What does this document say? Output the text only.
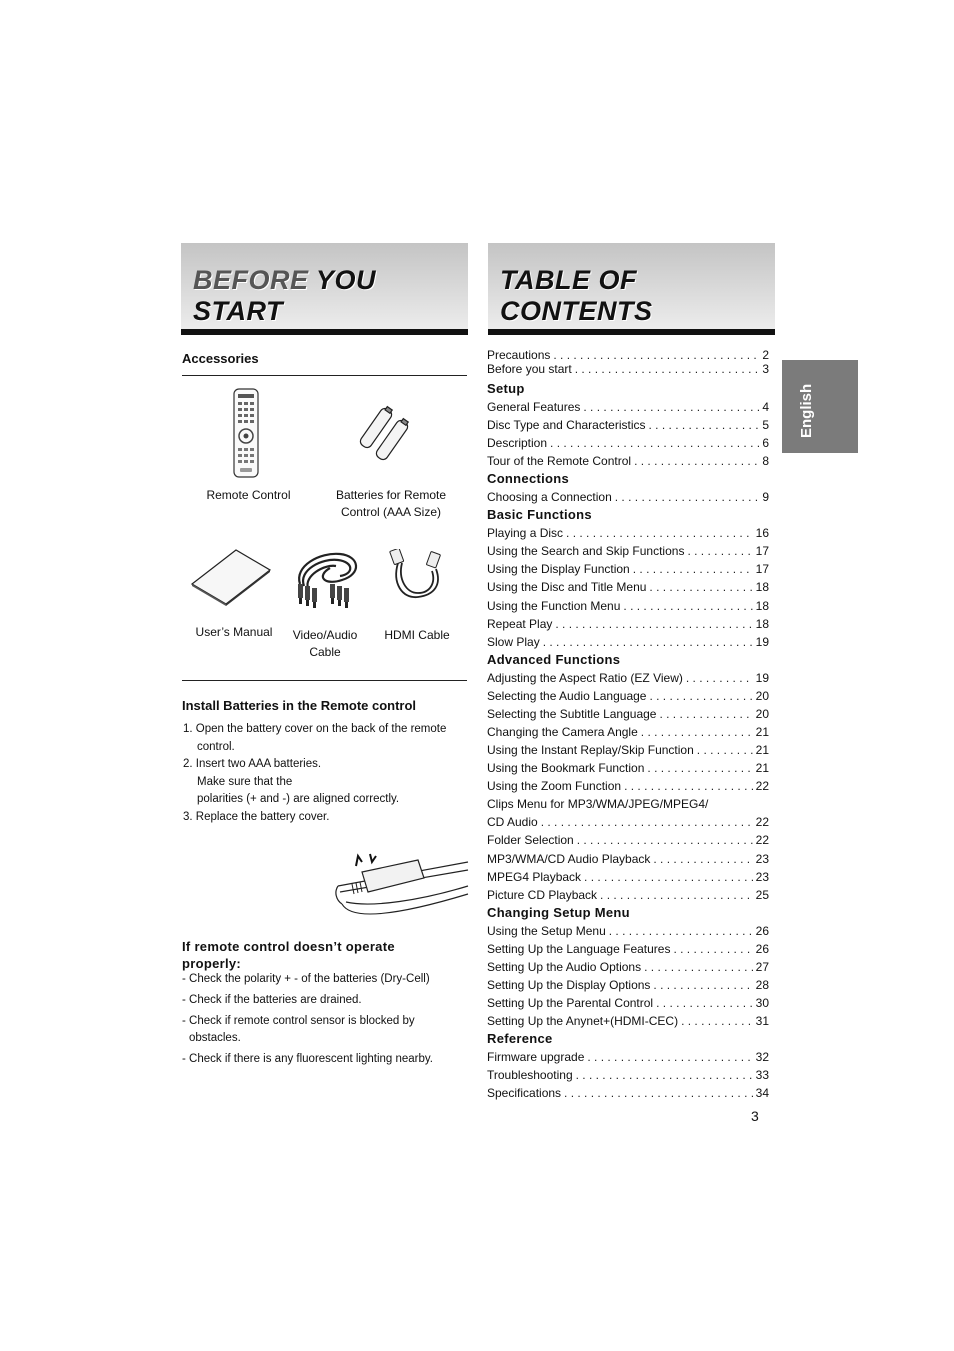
BEFORE YOU
START
TABLE OF
CONTENTS
English
Accessories
Remote Control	Batteries for Remote
Control (AAA Size)
User’s Manual	Video/Audio
Cable
HDMI Cable
Install Batteries in the Remote control
1. Open the battery cover on the back of the remote
control.
2. Insert two AAA batteries.
Make sure that the
polarities (+ and -) are aligned correctly.
3. Replace the battery cover.
If remote control doesn’t operate
properly:
- Check the polarity + - of the batteries (Dry-Cell)
- Check if the batteries are drained.
- Check if remote control sensor is blocked by
obstacles.
- Check if there is any fluorescent lighting nearby.
Precautions . . .	2
Before you start . . .	3
Setup
General Features . . .	4
Disc Type and Characteristics . . .	5
Description . . .	6
Tour of the Remote Control . . .	8
Connections
Choosing a Connection . . .	9
Basic Functions
Playing a Disc . . .	16
Using the Search and Skip Functions . . .	17
Using the Display Function . . .	17
Using the Disc and Title Menu . . .	18
Using the Function Menu . . .	18
Repeat Play . . .	18
Slow Play . . .	19
Advanced Functions
Adjusting the Aspect Ratio (EZ View) . . .	19
Selecting the Audio Language . . .	20
Selecting the Subtitle Language . . .	20
Changing the Camera Angle . . .	21
Using the Instant Replay/Skip Function . . .	21
Using the Bookmark Function . . .	21
Using the Zoom Function . . .	22
Clips Menu for MP3/WMA/JPEG/MPEG4/
CD Audio . . .	22
Folder Selection . . .	22
MP3/WMA/CD Audio Playback . . .	23
MPEG4 Playback . . .	23
Picture CD Playback . . .	25
Changing Setup Menu
Using the Setup Menu . . .	26
Setting Up the Language Features . . .	26
Setting Up the Audio Options . . .	27
Setting Up the Display Options . . .	28
Setting Up the Parental Control . . .	30
Setting Up the Anynet+(HDMI-CEC) . . .	31
Reference
Firmware upgrade . . .	32
Troubleshooting . . .	33
Specifications . . .	34
3
